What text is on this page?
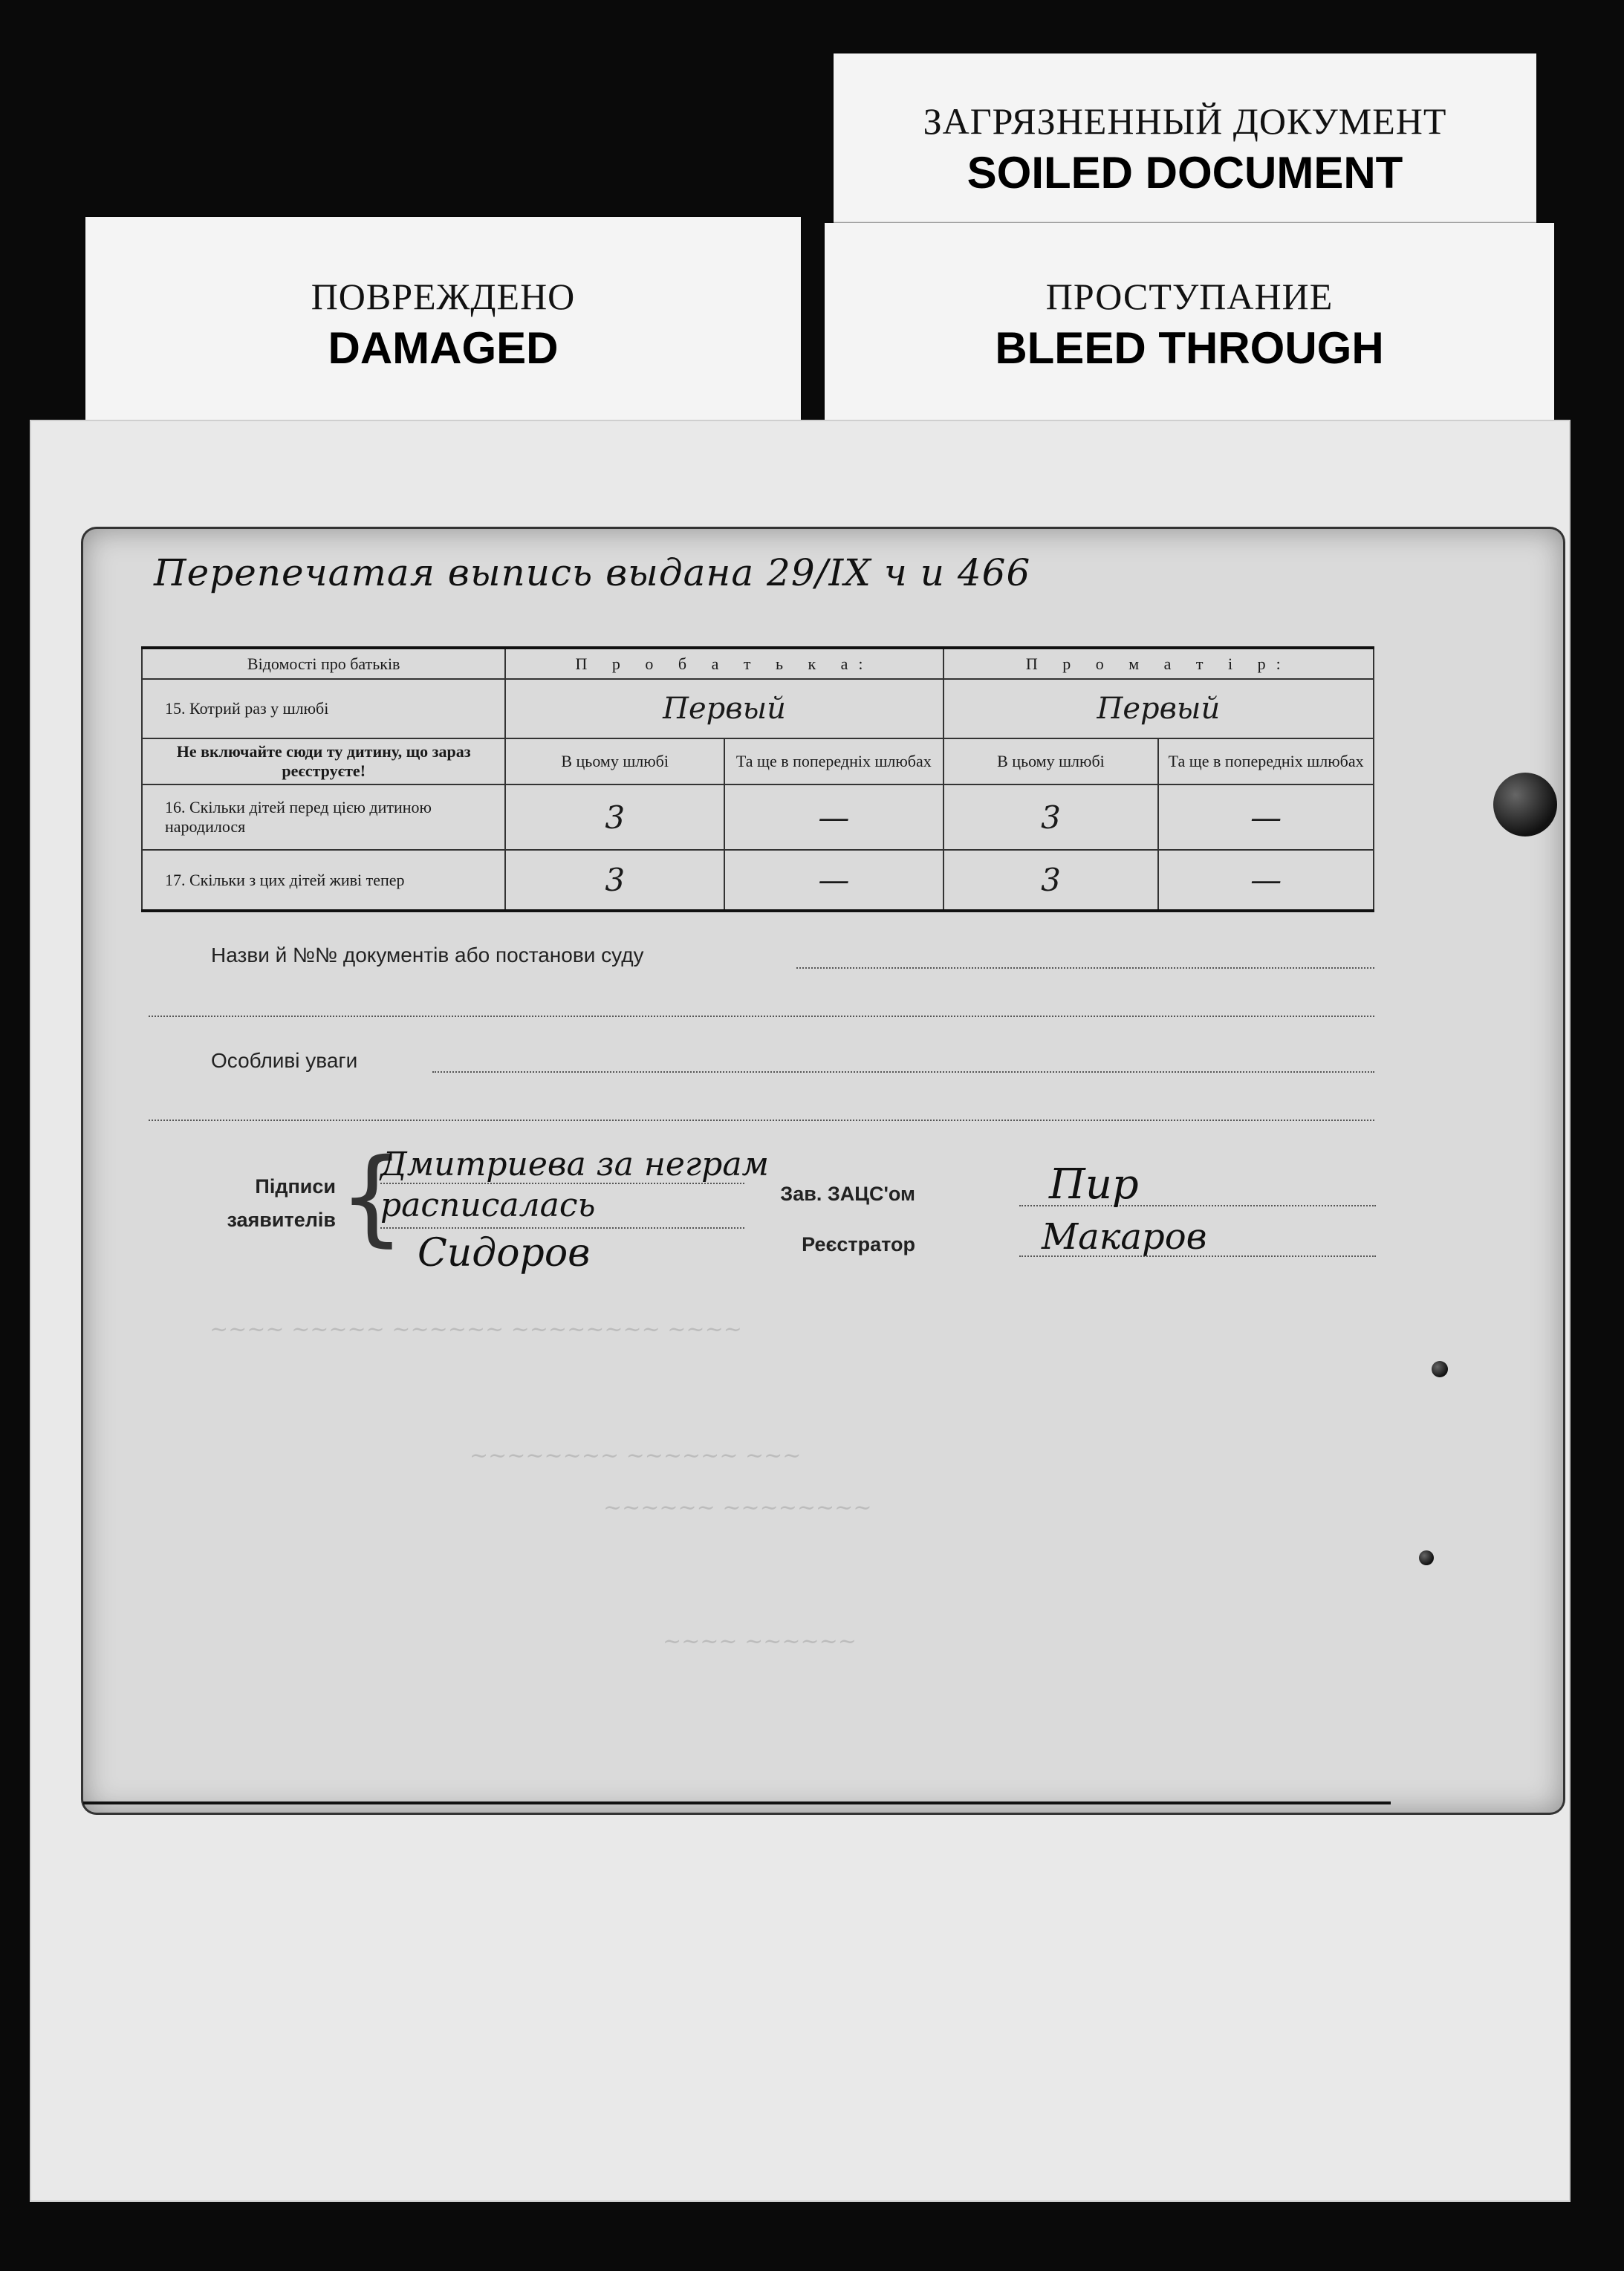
ПОВРЕЖДЕНО
DAMAGED
ЗАГРЯЗНЕННЫЙ ДОКУМЕНТ
SOILED DOCUMENT
ПРОСТУПАНИЕ
BLEED THROUGH
~~~~ ~~~~~ ~~~~~~ ~~~~~~~~ ~~~~
~~~~~~~~ ~~~~~~ ~~~
~~~~~~ ~~~~~~~~
~~~~ ~~~~~~
Перепечатая выпись выдана 29/IX ч и 466
Відомості про батьків	П р о б а т ь к а:		П р о м а т і р:	
15. Котрий раз у шлюбі	Первый		Первый	
Не включайте сюди ту дитину, що зараз реєструєте!	В цьому шлюбі	Та ще в попередніх шлюбах	В цьому шлюбі	Та ще в попередніх шлюбах
16. Скільки дітей перед цією дитиною народилося	3	—	3	—
17. Скільки з цих дітей живі тепер	3	—	3	—
Назви й №№ документів або постанови суду
Особливі уваги
Підписи
заявителів {
Дмитриева за неграм
расписалась
Сидоров
Зав. ЗАЦС'ом	Пир
Реєстратор	Макаров
